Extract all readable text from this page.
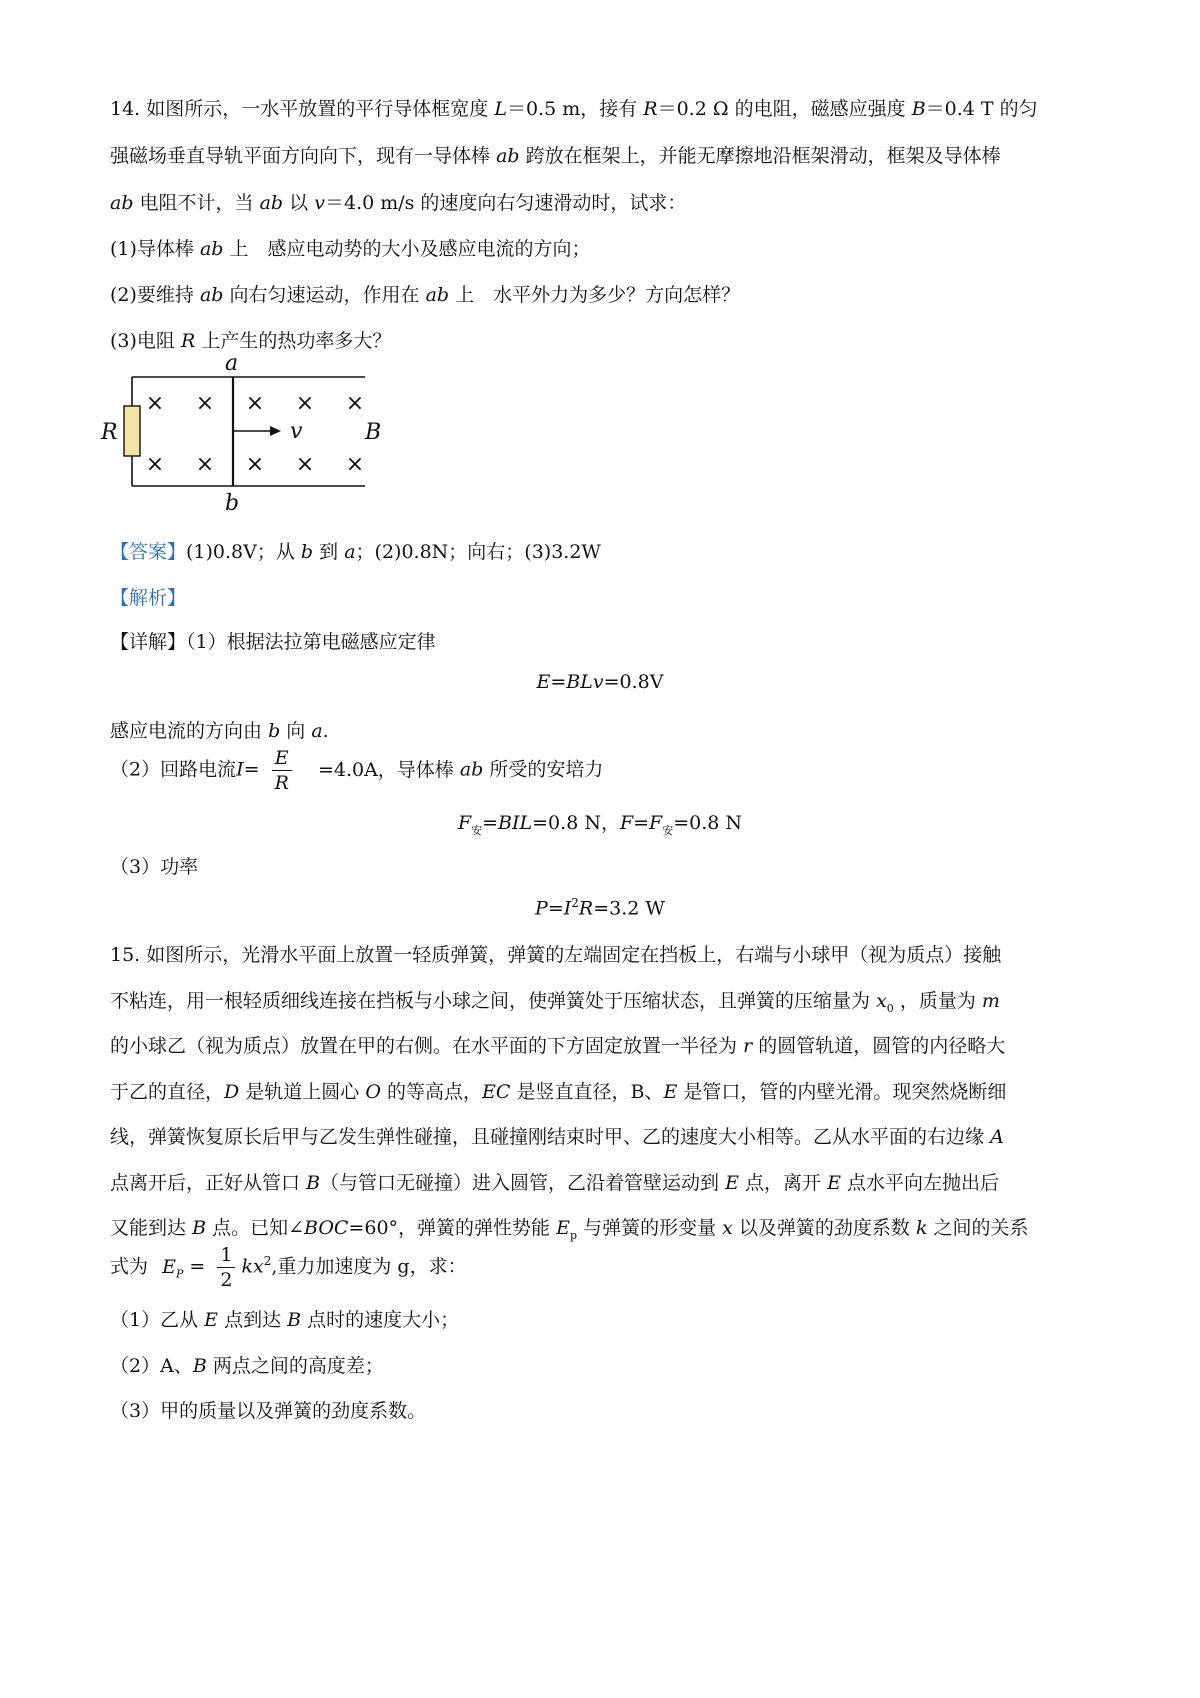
14. 如图所示，一水平放置的平行导体框宽度 L＝0.5 m，接有 R＝0.2 Ω 的电阻，磁感应强度 B＝0.4 T 的匀
强磁场垂直导轨平面方向向下，现有一导体棒 ab 跨放在框架上，并能无摩擦地沿框架滑动，框架及导体棒
ab 电阻不计，当 ab 以 v＝4.0 m/s 的速度向右匀速滑动时，试求：
(1)导体棒 ab 上　感应电动势的大小及感应电流的方向；
(2)要维持 ab 向右匀速运动，作用在 ab 上　水平外力为多少？方向怎样？
(3)电阻 R 上产生的热功率多大？
a
b
R	v	B
× × × × ×
× × × × ×
【答案】(1)0.8V；从 b 到 a；(2)0.8N；向右；(3)3.2W
【解析】
【详解】（1）根据法拉第电磁感应定律
E=BLv=0.8V
感应电流的方向由 b 向 a.
（2）回路电流$I= \frac{E}{R} =4.0A$，导体棒 ab 所受的安培力
$F_安=BIL=0.8$ N，$F=F_安=0.8$ N
（3）功率
$P=I^2R=3.2$ W
15. 如图所示，光滑水平面上放置一轻质弹簧，弹簧的左端固定在挡板上，右端与小球甲（视为质点）接触
不粘连，用一根轻质细线连接在挡板与小球之间，使弹簧处于压缩状态，且弹簧的压缩量为 $x_0$ ，质量为 m
的小球乙（视为质点）放置在甲的右侧。在水平面的下方固定放置一半径为 r 的圆管轨道，圆管的内径略大
于乙的直径，D 是轨道上圆心 O 的等高点，EC 是竖直直径，B、E 是管口，管的内壁光滑。现突然烧断细
线，弹簧恢复原长后甲与乙发生弹性碰撞，且碰撞刚结束时甲、乙的速度大小相等。乙从水平面的右边缘 A
点离开后，正好从管口 B（与管口无碰撞）进入圆管，乙沿着管壁运动到 E 点，离开 E 点水平向左抛出后
又能到达 B 点。已知∠BOC=60°，弹簧的弹性势能 $E_p$ 与弹簧的形变量 x 以及弹簧的劲度系数 k 之间的关系
式为 $E_P = \frac{1}{2} kx^2$,重力加速度为 g，求：
（1）乙从 E 点到达 B 点时的速度大小；
（2）A、B 两点之间的高度差；
（3）甲的质量以及弹簧的劲度系数。
